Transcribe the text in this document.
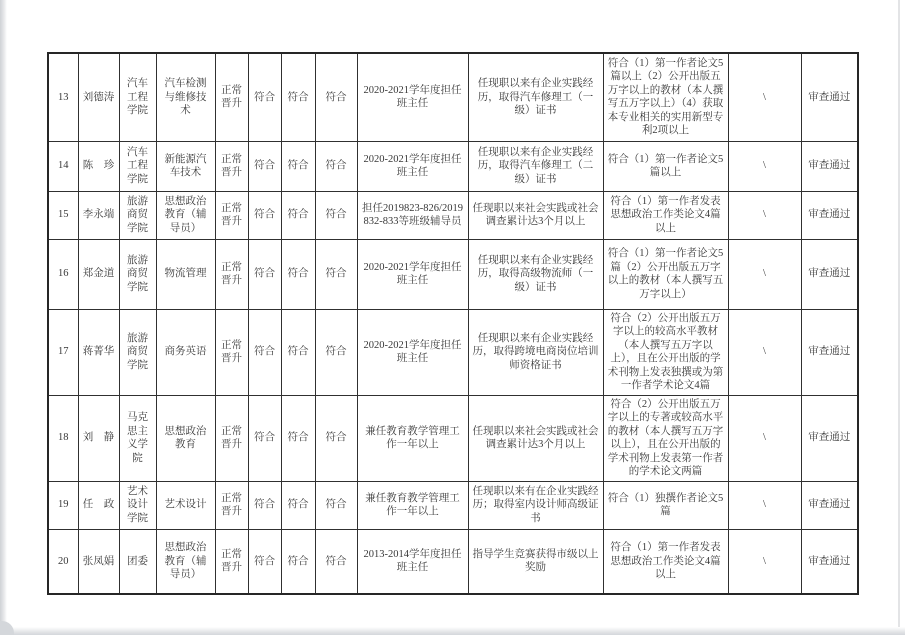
13	刘德涛	汽车工程学院	汽车检测与维修技术	正常晋升	符合	符合	符合	2020-2021学年度担任班主任	任现职以来有企业实践经历，取得汽车修理工（一级）证书	符合（1）第一作者论文5篇以上（2）公开出版五万字以上的教材（本人撰写五万字以上）（4）获取本专业相关的实用新型专利2项以上	\	审查通过
14	陈　珍	汽车工程学院	新能源汽车技术	正常晋升	符合	符合	符合	2020-2021学年度担任班主任	任现职以来有企业实践经历，取得汽车修理工（二级）证书	符合（1）第一作者论文5篇以上	\	审查通过
15	李永端	旅游商贸学院	思想政治教育（辅导员）	正常晋升	符合	符合	符合	担任2019823-826/2019832-833等班级辅导员	任现职以来社会实践或社会调查累计达3个月以上	符合（1）第一作者发表思想政治工作类论文4篇以上	\	审查通过
16	郑金道	旅游商贸学院	物流管理	正常晋升	符合	符合	符合	2020-2021学年度担任班主任	任现职以来有企业实践经历，取得高级物流师（一级）证书	符合（1）第一作者论文5篇（2）公开出版五万字以上的教材（本人撰写五万字以上）	\	审查通过
17	蒋菁华	旅游商贸学院	商务英语	正常晋升	符合	符合	符合	2020-2021学年度担任班主任	任现职以来有企业实践经历，取得跨境电商岗位培训师资格证书	符合（2）公开出版五万字以上的较高水平教材（本人撰写五万字以上），且在公开出版的学术刊物上发表独撰或为第一作者学术论文4篇	\	审查通过
18	刘　静	马克思主义学院	思想政治教育	正常晋升	符合	符合	符合	兼任教育教学管理工作一年以上	任现职以来社会实践或社会调查累计达3个月以上	符合（2）公开出版五万字以上的专著或较高水平的教材（本人撰写五万字以上），且在公开出版的学术刊物上发表第一作者的学术论文两篇	\	审查通过
19	任　政	艺术设计学院	艺术设计	正常晋升	符合	符合	符合	兼任教育教学管理工作一年以上	任现职以来有在企业实践经历；取得室内设计师高级证书	符合（1）独撰作者论文5篇	\	审查通过
20	张凤娟	团委	思想政治教育（辅导员）	正常晋升	符合	符合	符合	2013-2014学年度担任班主任	指导学生竞赛获得市级以上奖励	符合（1）第一作者发表思想政治工作类论文4篇以上	\	审查通过
